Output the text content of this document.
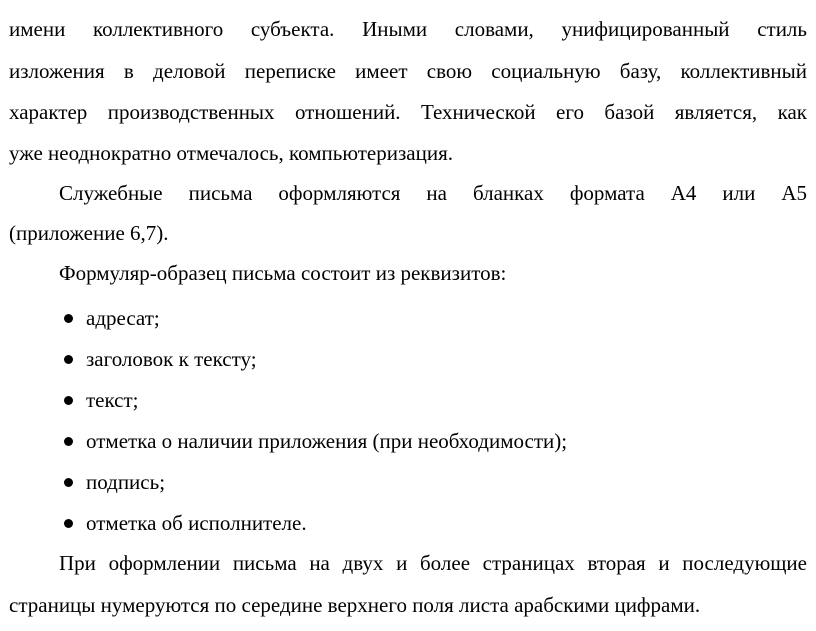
имени коллективного субъекта. Иными словами, унифицированный стиль
изложения в деловой переписке имеет свою социальную базу, коллективный
характер производственных отношений. Технической его базой является, как
уже неоднократно отмечалось, компьютеризация.
Служебные письма оформляются на бланках формата А4 или А5
(приложение 6,7).
Формуляр-образец письма состоит из реквизитов:
адресат;
заголовок к тексту;
текст;
отметка о наличии приложения (при необходимости);
подпись;
отметка об исполнителе.
При оформлении письма на двух и более страницах вторая и последующие
страницы нумеруются по середине верхнего поля листа арабскими цифрами.
